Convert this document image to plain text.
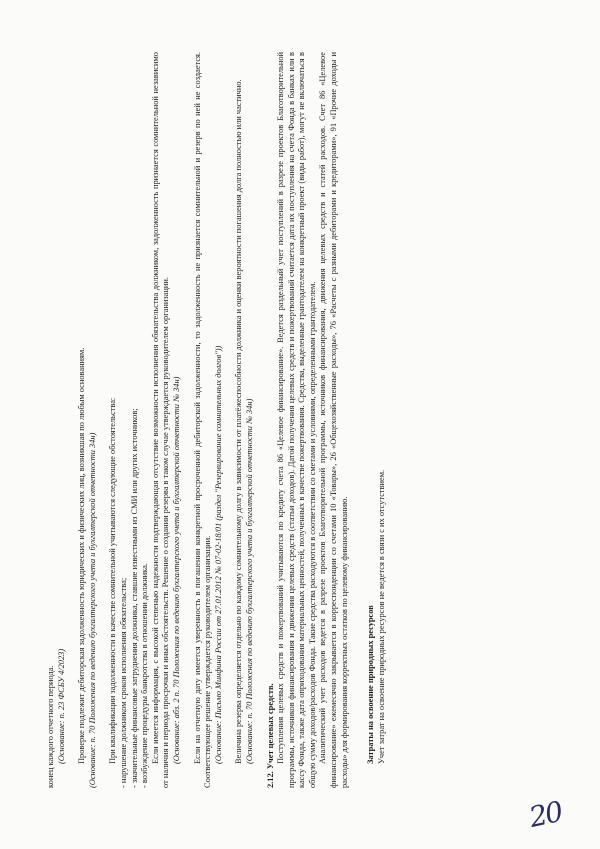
конец каждого отчетного периода. (Основание: п. 23 ФСБУ 4/2023) Проверке подлежит дебиторская задолженность юридических и физических лиц, возникшая по любым основаниям. (Основание: п. 70 Положения по ведению бухгалтерского учета и бухгалтерской отчетности 34н) При квалификации задолженности в качестве сомнительной учитываются следующие обстоятельства: - нарушение должником сроков исполнения обязательства; - значительные финансовые затруднения должника, ставшие известными из СМИ или других источников; - возбуждение процедуры банкротства в отношении должника. Если имеется информация, с высокой степенью надежности подтверждающая отсутствие возможности исполнения обязательства должником, задолженность признается сомнительной независимо от наличия и периода просрочки и иных обстоятельств. Решение о создании резерва в таком случае утверждается руководителем организации. (Основание: абз. 2 п. 70 Положения по ведению бухгалтерского учета и бухгалтерской отчетности № 34н) Если на отчетную дату имеется уверенность в погашении конкретной просроченной дебиторской задолженности, то задолженность не признается сомнительной и резерв по ней не создается. Соответствующее решение утверждается руководителем организации. (Основание: Письмо Минфина России от 27.01.2012 № 07-02-18/01 (раздел "Резервирование сомнительных долгов")) Величина резерва определяется отдельно по каждому сомнительному долгу в зависимости от платёжеспособности должника и оценки вероятности погашения долга полностью или частично. (Основание: п. 70 Положения по ведению бухгалтерского учета и бухгалтерской отчетности № 34н) 2.12. Учет целевых средств. Поступления целевых средств и пожертвований учитываются по кредиту счета 86 «Целевое финансирование». Ведется раздельный учет поступлений в разрезе проектов Благотворительной программы, источников финансирования и движения целевых средств (статьи доходов). Датой получения целевых средств и пожертвований считается дата их поступления на счета Фонда в банках или в кассу Фонда, также дата оприходования материальных ценностей, полученных в качестве пожертвования. Средства, выделенные грантодателем на конкретный проект (виды работ), могут не включаться в общую сумму доходов/расходов Фонда. Такие средства расходуются в соответствии со сметами и условиями, определенными грантодателем. Аналитический учет расходов ведется в разрезе проектов Благотворительной программы, источников финансирования, движения целевых средств и статей расходов. Счет 86 «Целевое финансирование» ежемесячно закрывается в корреспонденции со счетами 10 «Товары», 26 «Общехозяйственные расходы», 76 «Расчеты с разными дебиторами и кредиторами», 91 «Прочие доходы и расходы» для формирования корректных остатков по целевому финансированию. Затраты на освоение природных ресурсов Учет затрат на освоение природных ресурсов не ведется в связи с их отсутствием.

20
